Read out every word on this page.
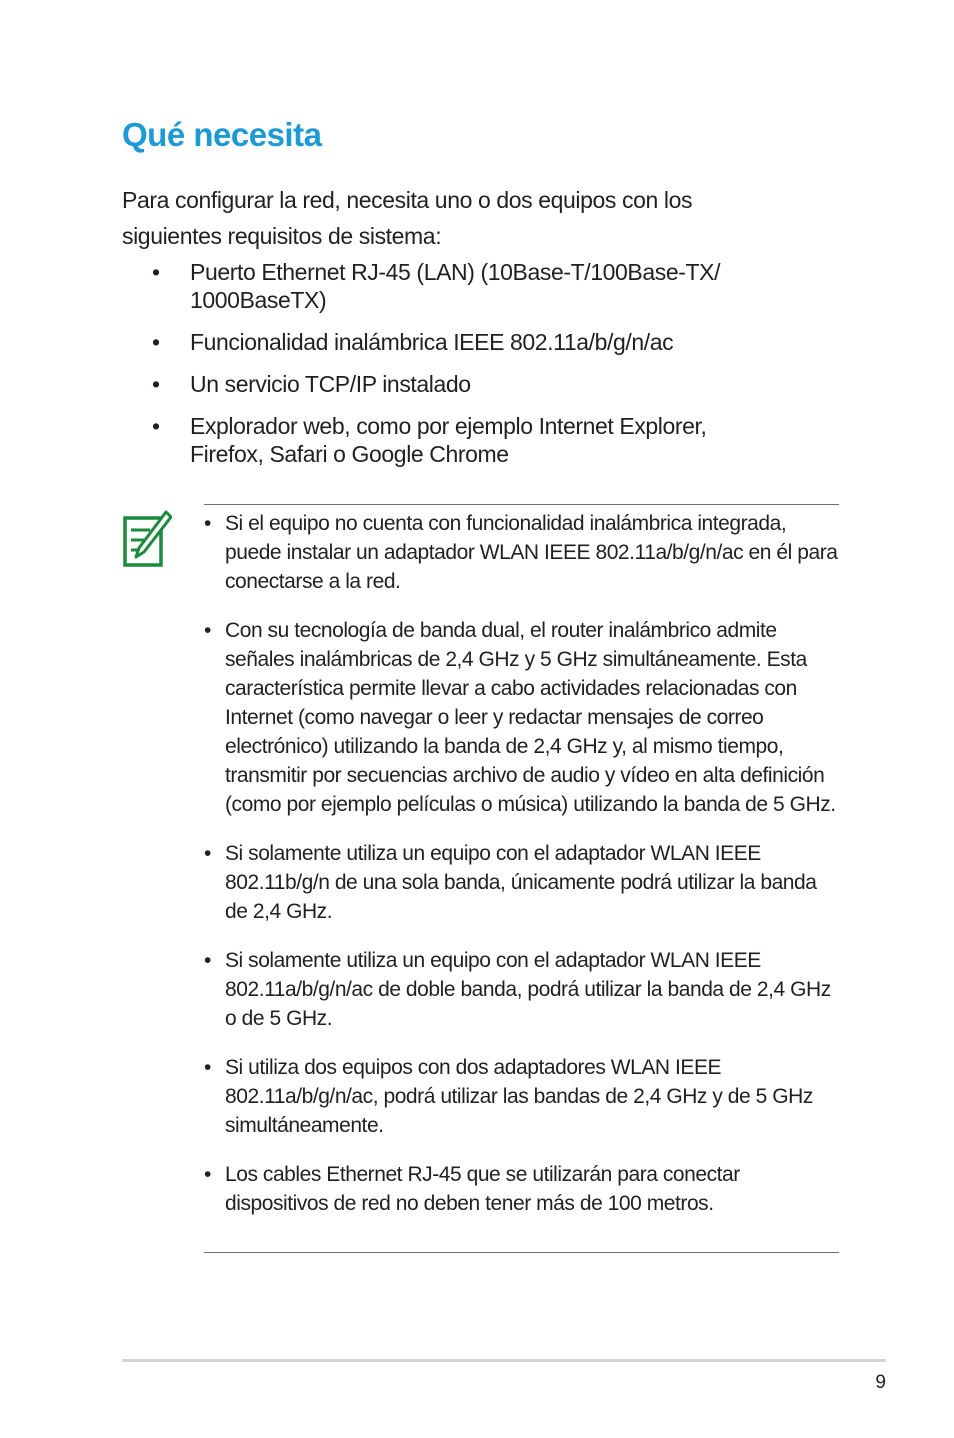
Qué necesita

Para configurar la red, necesita uno o dos equipos con los siguientes requisitos de sistema:

• Puerto Ethernet RJ-45 (LAN) (10Base-T/100Base-TX/ 1000BaseTX)
• Funcionalidad inalámbrica IEEE 802.11a/b/g/n/ac
• Un servicio TCP/IP instalado
• Explorador web, como por ejemplo Internet Explorer, Firefox, Safari o Google Chrome
• Si el equipo no cuenta con funcionalidad inalámbrica integrada, puede instalar un adaptador WLAN IEEE 802.11a/b/g/n/ac en él para conectarse a la red.
• Con su tecnología de banda dual, el router inalámbrico admite señales inalámbricas de 2,4 GHz y 5 GHz simultáneamente. Esta característica permite llevar a cabo actividades relacionadas con Internet (como navegar o leer y redactar mensajes de correo electrónico) utilizando la banda de 2,4 GHz y, al mismo tiempo, transmitir por secuencias archivo de audio y vídeo en alta definición (como por ejemplo películas o música) utilizando la banda de 5 GHz.
• Si solamente utiliza un equipo con el adaptador WLAN IEEE 802.11b/g/n de una sola banda, únicamente podrá utilizar la banda de 2,4 GHz.
• Si solamente utiliza un equipo con el adaptador WLAN IEEE 802.11a/b/g/n/ac de doble banda, podrá utilizar la banda de 2,4 GHz o de 5 GHz.
• Si utiliza dos equipos con dos adaptadores WLAN IEEE 802.11a/b/g/n/ac, podrá utilizar las bandas de 2,4 GHz y de 5 GHz simultáneamente.
• Los cables Ethernet RJ-45 que se utilizarán para conectar dispositivos de red no deben tener más de 100 metros.
9
